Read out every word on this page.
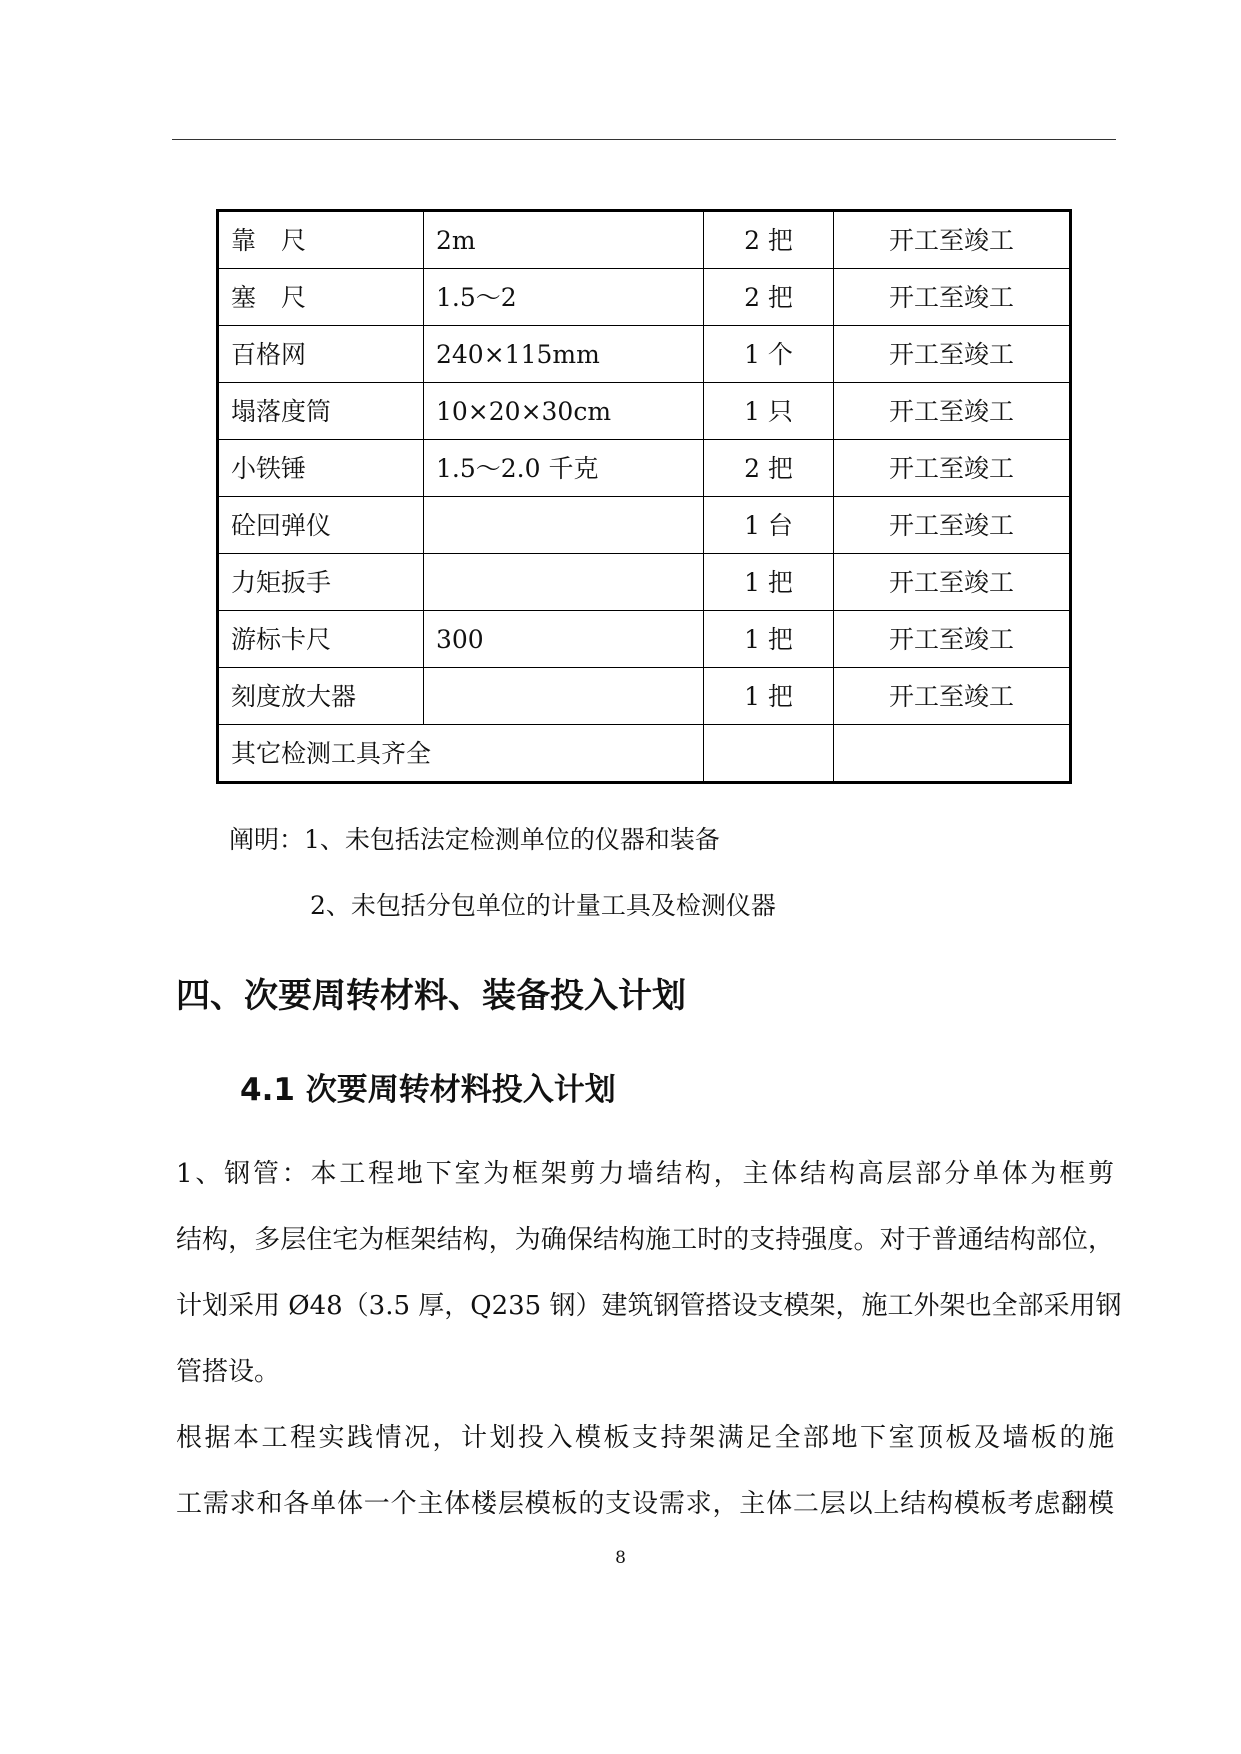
靠　尺	2m	2 把	开工至竣工
塞　尺	1.5～2	2 把	开工至竣工
百格网	240×115mm	1 个	开工至竣工
塌落度筒	10×20×30cm	1 只	开工至竣工
小铁锤	1.5～2.0 千克	2 把	开工至竣工
砼回弹仪		1 台	开工至竣工
力矩扳手		1 把	开工至竣工
游标卡尺	300	1 把	开工至竣工
刻度放大器		1 把	开工至竣工
其它检测工具齐全			
阐明：1、未包括法定检测单位的仪器和装备
2、未包括分包单位的计量工具及检测仪器
四、次要周转材料、装备投入计划
4.1 次要周转材料投入计划
1、钢管：本工程地下室为框架剪力墙结构，主体结构高层部分单体为框剪
结构，多层住宅为框架结构，为确保结构施工时的支持强度。对于普通结构部位，
计划采用 Ø48（3.5 厚，Q235 钢）建筑钢管搭设支模架，施工外架也全部采用钢
管搭设。
根据本工程实践情况，计划投入模板支持架满足全部地下室顶板及墙板的施
工需求和各单体一个主体楼层模板的支设需求，主体二层以上结构模板考虑翻模
8
